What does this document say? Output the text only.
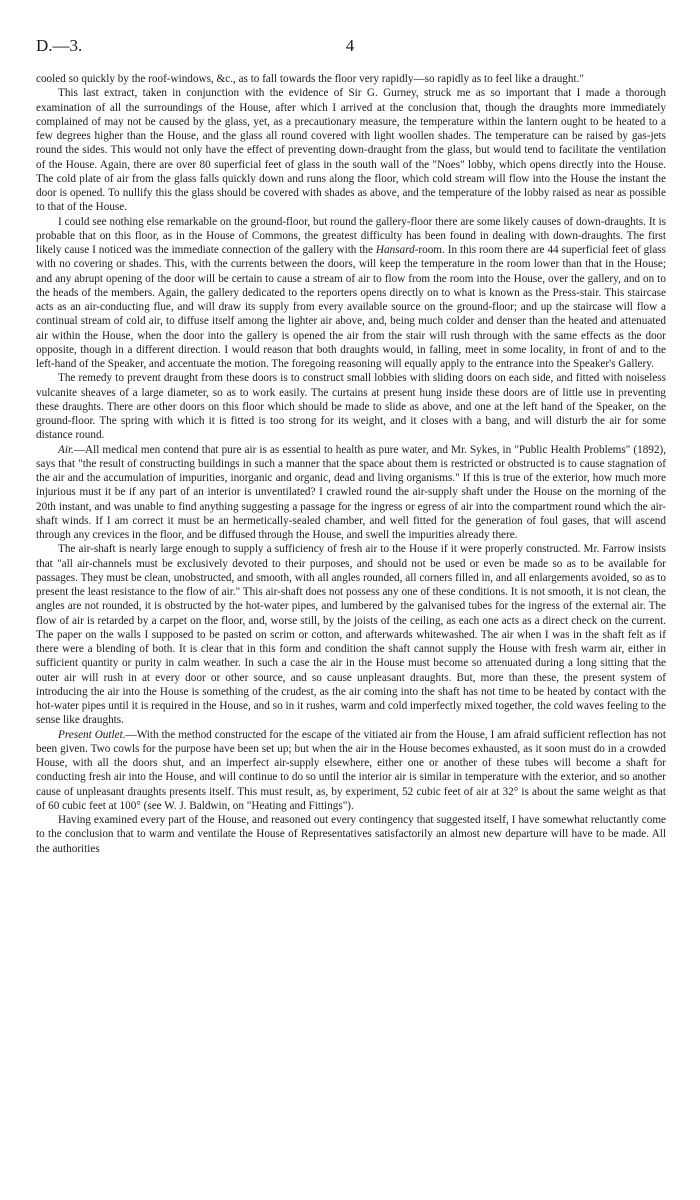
D.—3.	4

cooled so quickly by the roof-windows, &c., as to fall towards the floor very rapidly—so rapidly as to feel like a draught."

This last extract, taken in conjunction with the evidence of Sir G. Gurney, struck me as so important that I made a thorough examination of all the surroundings of the House, after which I arrived at the conclusion that, though the draughts more immediately complained of may not be caused by the glass, yet, as a precautionary measure, the temperature within the lantern ought to be heated to a few degrees higher than the House, and the glass all round covered with light woollen shades. The temperature can be raised by gas-jets round the sides. This would not only have the effect of preventing down-draught from the glass, but would tend to facilitate the ventilation of the House. Again, there are over 80 superficial feet of glass in the south wall of the "Noes" lobby, which opens directly into the House. The cold plate of air from the glass falls quickly down and runs along the floor, which cold stream will flow into the House the instant the door is opened. To nullify this the glass should be covered with shades as above, and the temperature of the lobby raised as near as possible to that of the House.

I could see nothing else remarkable on the ground-floor, but round the gallery-floor there are some likely causes of down-draughts. It is probable that on this floor, as in the House of Commons, the greatest difficulty has been found in dealing with down-draughts. The first likely cause I noticed was the immediate connection of the gallery with the Hansard-room. In this room there are 44 superficial feet of glass with no covering or shades. This, with the currents between the doors, will keep the temperature in the room lower than that in the House; and any abrupt opening of the door will be certain to cause a stream of air to flow from the room into the House, over the gallery, and on to the heads of the members. Again, the gallery dedicated to the reporters opens directly on to what is known as the Press-stair. This staircase acts as an air-conducting flue, and will draw its supply from every available source on the ground-floor; and up the staircase will flow a continual stream of cold air, to diffuse itself among the lighter air above, and, being much colder and denser than the heated and attenuated air within the House, when the door into the gallery is opened the air from the stair will rush through with the same effects as the door opposite, though in a different direction. I would reason that both draughts would, in falling, meet in some locality, in front of and to the left-hand of the Speaker, and accentuate the motion. The foregoing reasoning will equally apply to the entrance into the Speaker's Gallery.

The remedy to prevent draught from these doors is to construct small lobbies with sliding doors on each side, and fitted with noiseless vulcanite sheaves of a large diameter, so as to work easily. The curtains at present hung inside these doors are of little use in preventing these draughts. There are other doors on this floor which should be made to slide as above, and one at the left hand of the Speaker, on the ground-floor. The spring with which it is fitted is too strong for its weight, and it closes with a bang, and will disturb the air for some distance round.

Air.—All medical men contend that pure air is as essential to health as pure water, and Mr. Sykes, in "Public Health Problems" (1892), says that "the result of constructing buildings in such a manner that the space about them is restricted or obstructed is to cause stagnation of the air and the accumulation of impurities, inorganic and organic, dead and living organisms." If this is true of the exterior, how much more injurious must it be if any part of an interior is unventilated? I crawled round the air-supply shaft under the House on the morning of the 20th instant, and was unable to find anything suggesting a passage for the ingress or egress of air into the compartment round which the air-shaft winds. If I am correct it must be an hermetically-sealed chamber, and well fitted for the generation of foul gases, that will ascend through any crevices in the floor, and be diffused through the House, and swell the impurities already there.

The air-shaft is nearly large enough to supply a sufficiency of fresh air to the House if it were properly constructed. Mr. Farrow insists that "all air-channels must be exclusively devoted to their purposes, and should not be used or even be made so as to be available for passages. They must be clean, unobstructed, and smooth, with all angles rounded, all corners filled in, and all enlargements avoided, so as to present the least resistance to the flow of air." This air-shaft does not possess any one of these conditions. It is not smooth, it is not clean, the angles are not rounded, it is obstructed by the hot-water pipes, and lumbered by the galvanised tubes for the ingress of the external air. The flow of air is retarded by a carpet on the floor, and, worse still, by the joists of the ceiling, as each one acts as a direct check on the current. The paper on the walls I supposed to be pasted on scrim or cotton, and afterwards whitewashed. The air when I was in the shaft felt as if there were a blending of both. It is clear that in this form and condition the shaft cannot supply the House with fresh warm air, either in sufficient quantity or purity in calm weather. In such a case the air in the House must become so attenuated during a long sitting that the outer air will rush in at every door or other source, and so cause unpleasant draughts. But, more than these, the present system of introducing the air into the House is something of the crudest, as the air coming into the shaft has not time to be heated by contact with the hot-water pipes until it is required in the House, and so in it rushes, warm and cold imperfectly mixed together, the cold waves feeling to the sense like draughts.

Present Outlet.—With the method constructed for the escape of the vitiated air from the House, I am afraid sufficient reflection has not been given. Two cowls for the purpose have been set up; but when the air in the House becomes exhausted, as it soon must do in a crowded House, with all the doors shut, and an imperfect air-supply elsewhere, either one or another of these tubes will become a shaft for conducting fresh air into the House, and will continue to do so until the interior air is similar in temperature with the exterior, and so another cause of unpleasant draughts presents itself. This must result, as, by experiment, 52 cubic feet of air at 32° is about the same weight as that of 60 cubic feet at 100° (see W. J. Baldwin, on "Heating and Fittings").

Having examined every part of the House, and reasoned out every contingency that suggested itself, I have somewhat reluctantly come to the conclusion that to warm and ventilate the House of Representatives satisfactorily an almost new departure will have to be made. All the authorities
